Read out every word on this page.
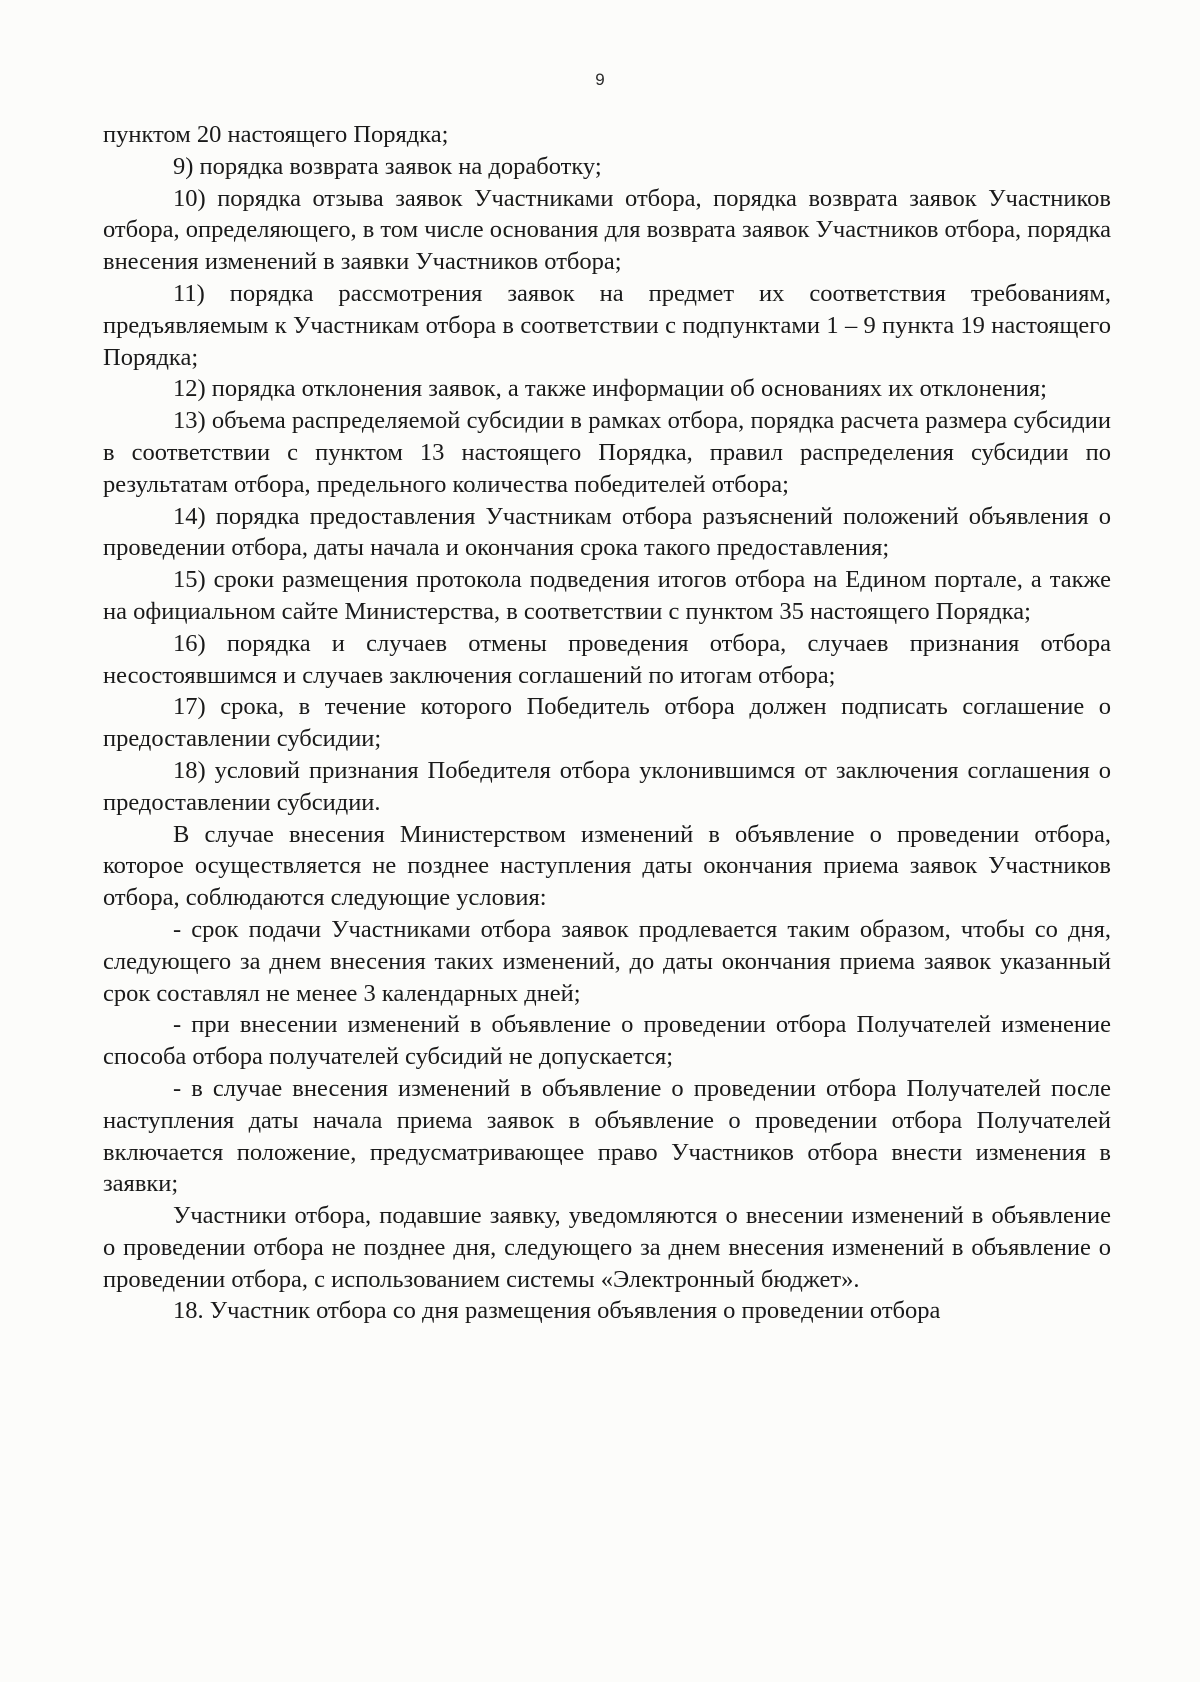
9

пунктом 20 настоящего Порядка;

9) порядка возврата заявок на доработку;

10) порядка отзыва заявок Участниками отбора, порядка возврата заявок Участников отбора, определяющего, в том числе основания для возврата заявок Участников отбора, порядка внесения изменений в заявки Участников отбора;

11) порядка рассмотрения заявок на предмет их соответствия требованиям, предъявляемым к Участникам отбора в соответствии с подпунктами 1 – 9 пункта 19 настоящего Порядка;

12) порядка отклонения заявок, а также информации об основаниях их отклонения;

13) объема распределяемой субсидии в рамках отбора, порядка расчета размера субсидии в соответствии с пунктом 13 настоящего Порядка, правил распределения субсидии по результатам отбора, предельного количества победителей отбора;

14) порядка предоставления Участникам отбора разъяснений положений объявления о проведении отбора, даты начала и окончания срока такого предоставления;

15) сроки размещения протокола подведения итогов отбора на Едином портале, а также на официальном сайте Министерства, в соответствии с пунктом 35 настоящего Порядка;

16) порядка и случаев отмены проведения отбора, случаев признания отбора несостоявшимся и случаев заключения соглашений по итогам отбора;

17) срока, в течение которого Победитель отбора должен подписать соглашение о предоставлении субсидии;

18) условий признания Победителя отбора уклонившимся от заключения соглашения о предоставлении субсидии.

В случае внесения Министерством изменений в объявление о проведении отбора, которое осуществляется не позднее наступления даты окончания приема заявок Участников отбора, соблюдаются следующие условия:

- срок подачи Участниками отбора заявок продлевается таким образом, чтобы со дня, следующего за днем внесения таких изменений, до даты окончания приема заявок указанный срок составлял не менее 3 календарных дней;

- при внесении изменений в объявление о проведении отбора Получателей изменение способа отбора получателей субсидий не допускается;

- в случае внесения изменений в объявление о проведении отбора Получателей после наступления даты начала приема заявок в объявление о проведении отбора Получателей включается положение, предусматривающее право Участников отбора внести изменения в заявки;

Участники отбора, подавшие заявку, уведомляются о внесении изменений в объявление о проведении отбора не позднее дня, следующего за днем внесения изменений в объявление о проведении отбора, с использованием системы «Электронный бюджет».

18. Участник отбора со дня размещения объявления о проведении отбора
